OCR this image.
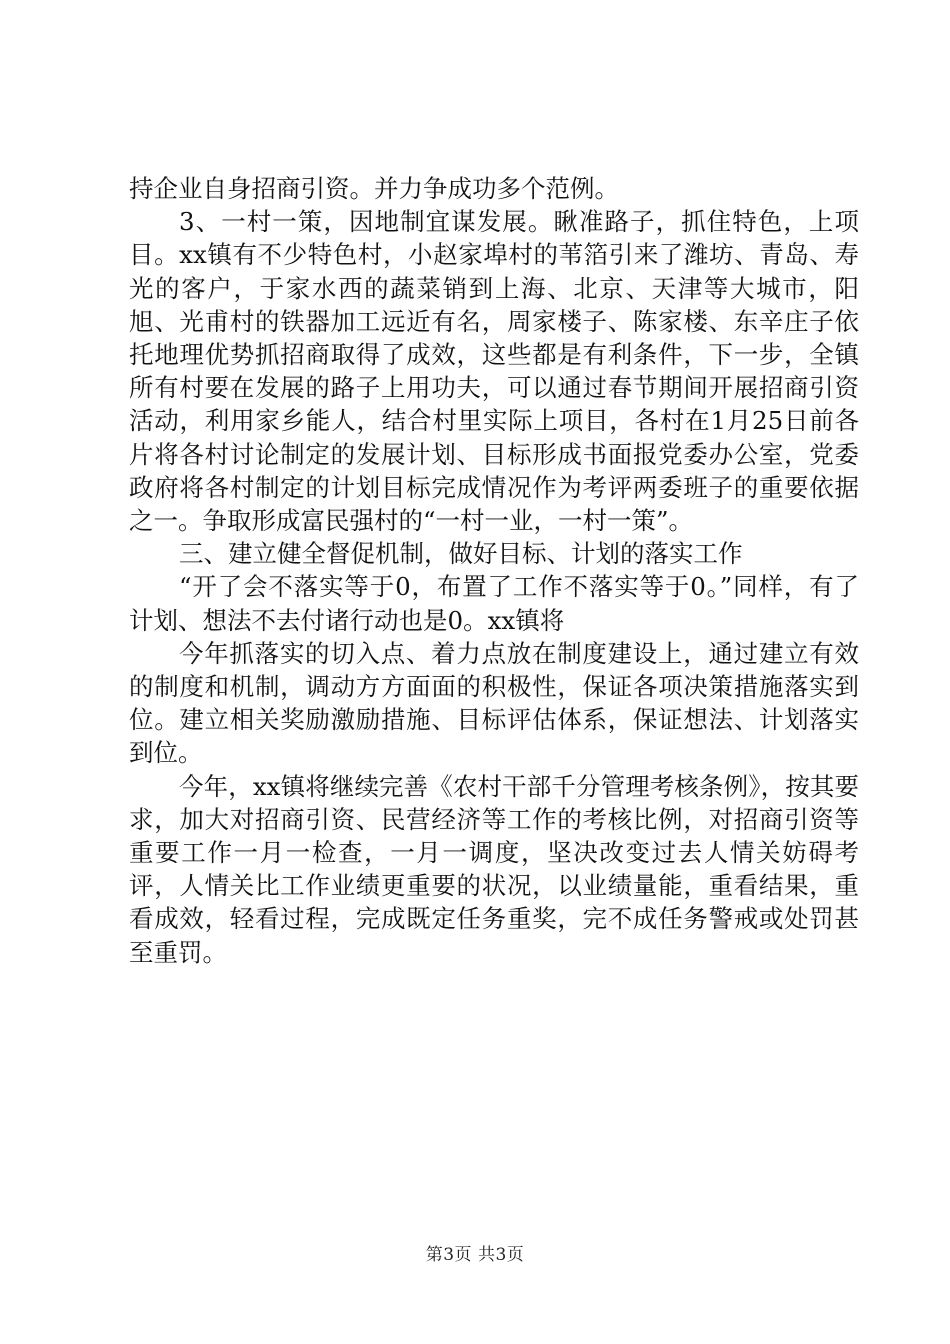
持企业自身招商引资。并力争成功多个范例。

3、一村一策，因地制宜谋发展。瞅准路子，抓住特色，上项目。xx镇有不少特色村，小赵家埠村的苇箔引来了潍坊、青岛、寿光的客户，于家水西的蔬菜销到上海、北京、天津等大城市，阳旭、光甫村的铁器加工远近有名，周家楼子、陈家楼、东辛庄子依托地理优势抓招商取得了成效，这些都是有利条件，下一步，全镇所有村要在发展的路子上用功夫，可以通过春节期间开展招商引资活动，利用家乡能人，结合村里实际上项目，各村在1月25日前各片将各村讨论制定的发展计划、目标形成书面报党委办公室，党委政府将各村制定的计划目标完成情况作为考评两委班子的重要依据之一。争取形成富民强村的“一村一业，一村一策”。

三、建立健全督促机制，做好目标、计划的落实工作

“开了会不落实等于0，布置了工作不落实等于0。”同样，有了计划、想法不去付诸行动也是0。xx镇将

今年抓落实的切入点、着力点放在制度建设上，通过建立有效的制度和机制，调动方方面面的积极性，保证各项决策措施落实到位。建立相关奖励激励措施、目标评估体系，保证想法、计划落实到位。

今年，xx镇将继续完善《农村干部千分管理考核条例》，按其要求，加大对招商引资、民营经济等工作的考核比例，对招商引资等重要工作一月一检查，一月一调度，坚决改变过去人情关妨碍考评，人情关比工作业绩更重要的状况，以业绩量能，重看结果，重看成效，轻看过程，完成既定任务重奖，完不成任务警戒或处罚甚至重罚。

第3页 共3页
